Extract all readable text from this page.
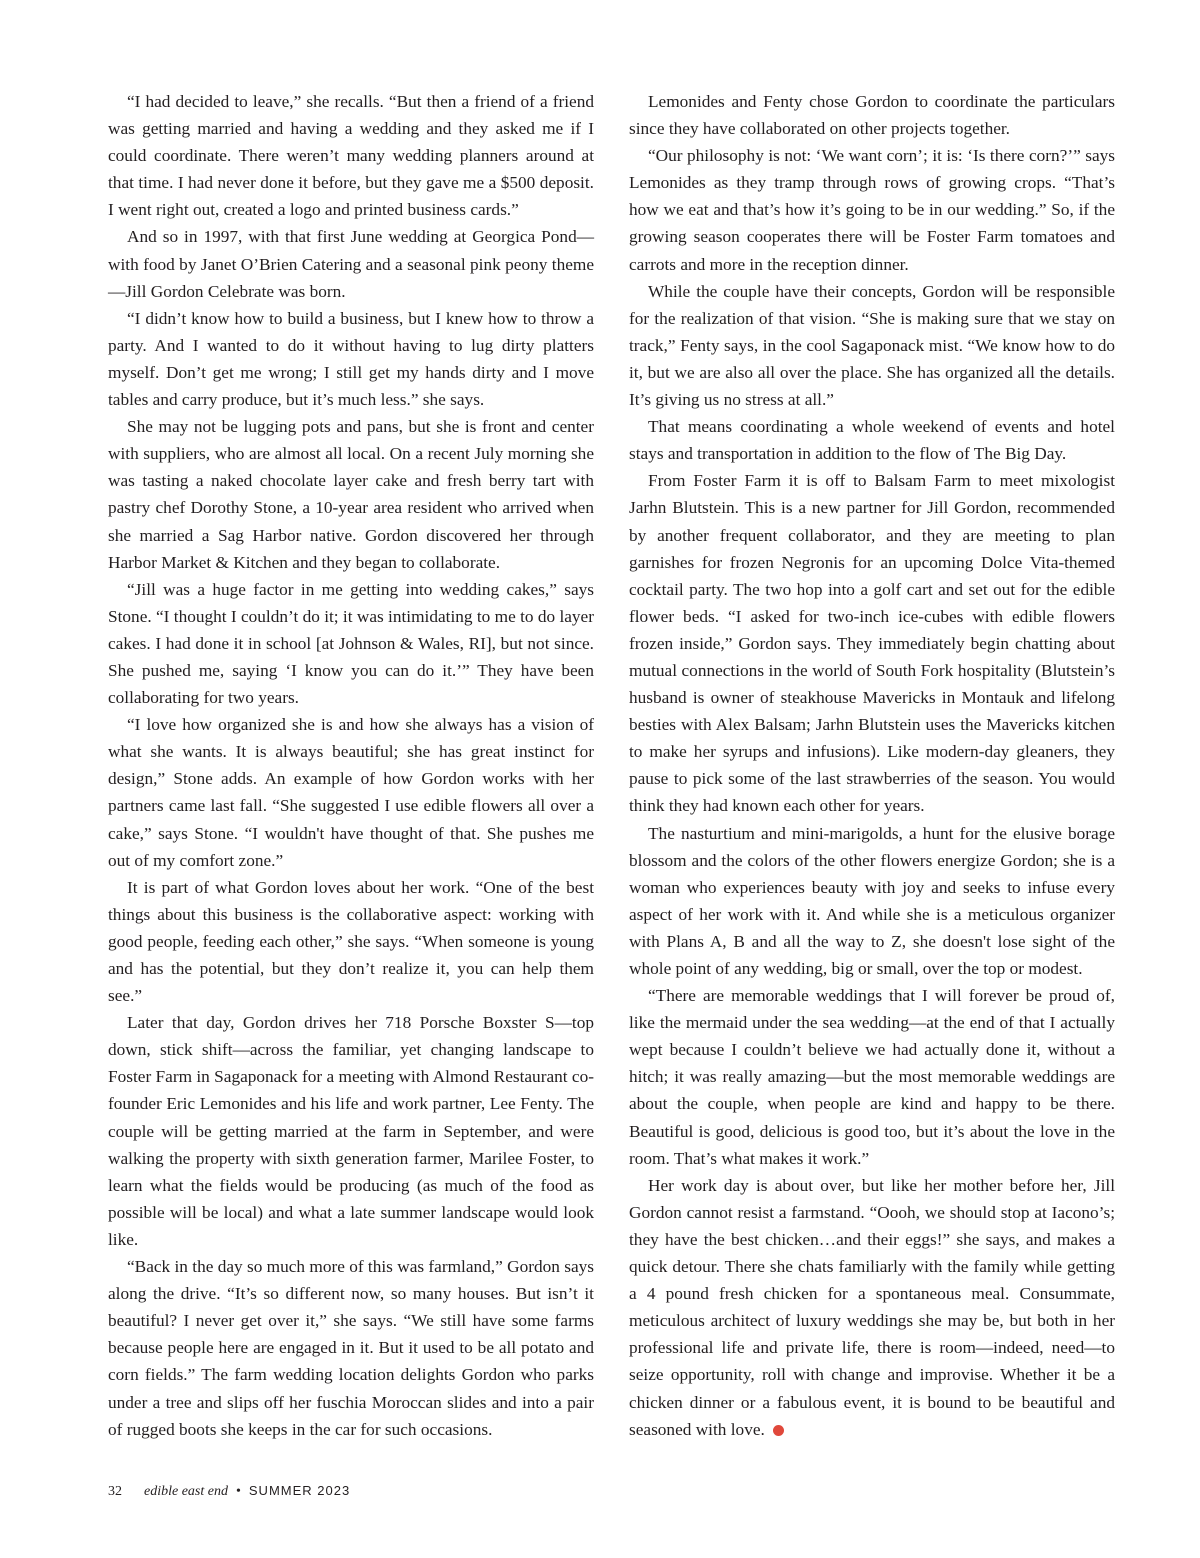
“I had decided to leave,” she recalls. “But then a friend of a friend was getting married and having a wedding and they asked me if I could coordinate. There weren’t many wedding planners around at that time. I had never done it before, but they gave me a $500 deposit. I went right out, created a logo and printed business cards.”

And so in 1997, with that first June wedding at Georgica Pond—with food by Janet O’Brien Catering and a seasonal pink peony theme—Jill Gordon Celebrate was born.

“I didn’t know how to build a business, but I knew how to throw a party. And I wanted to do it without having to lug dirty platters myself. Don’t get me wrong; I still get my hands dirty and I move tables and carry produce, but it’s much less.” she says.

She may not be lugging pots and pans, but she is front and center with suppliers, who are almost all local. On a recent July morning she was tasting a naked chocolate layer cake and fresh berry tart with pastry chef Dorothy Stone, a 10-year area resident who arrived when she married a Sag Harbor native. Gordon discovered her through Harbor Market & Kitchen and they began to collaborate.

“Jill was a huge factor in me getting into wedding cakes,” says Stone. “I thought I couldn’t do it; it was intimidating to me to do layer cakes. I had done it in school [at Johnson & Wales, RI], but not since. She pushed me, saying ‘I know you can do it.’” They have been collaborating for two years.

“I love how organized she is and how she always has a vision of what she wants. It is always beautiful; she has great instinct for design,” Stone adds. An example of how Gordon works with her partners came last fall. “She suggested I use edible flowers all over a cake,” says Stone. “I wouldn't have thought of that. She pushes me out of my comfort zone.”

It is part of what Gordon loves about her work. “One of the best things about this business is the collaborative aspect: working with good people, feeding each other,” she says. “When someone is young and has the potential, but they don’t realize it, you can help them see.”

Later that day, Gordon drives her 718 Porsche Boxster S—top down, stick shift—across the familiar, yet changing landscape to Foster Farm in Sagaponack for a meeting with Almond Restaurant co-founder Eric Lemonides and his life and work partner, Lee Fenty. The couple will be getting married at the farm in September, and were walking the property with sixth generation farmer, Marilee Foster, to learn what the fields would be producing (as much of the food as possible will be local) and what a late summer landscape would look like.

“Back in the day so much more of this was farmland,” Gordon says along the drive. “It’s so different now, so many houses. But isn’t it beautiful? I never get over it,” she says. “We still have some farms because people here are engaged in it. But it used to be all potato and corn fields.” The farm wedding location delights Gordon who parks under a tree and slips off her fuschia Moroccan slides and into a pair of rugged boots she keeps in the car for such occasions.

Lemonides and Fenty chose Gordon to coordinate the particulars since they have collaborated on other projects together.

“Our philosophy is not: ‘We want corn’; it is: ‘Is there corn?’” says Lemonides as they tramp through rows of growing crops. “That’s how we eat and that’s how it’s going to be in our wedding.” So, if the growing season cooperates there will be Foster Farm tomatoes and carrots and more in the reception dinner.

While the couple have their concepts, Gordon will be responsible for the realization of that vision. “She is making sure that we stay on track,” Fenty says, in the cool Sagaponack mist. “We know how to do it, but we are also all over the place. She has organized all the details. It’s giving us no stress at all.”

That means coordinating a whole weekend of events and hotel stays and transportation in addition to the flow of The Big Day.

From Foster Farm it is off to Balsam Farm to meet mixologist Jarhn Blutstein. This is a new partner for Jill Gordon, recommended by another frequent collaborator, and they are meeting to plan garnishes for frozen Negronis for an upcoming Dolce Vita-themed cocktail party. The two hop into a golf cart and set out for the edible flower beds. “I asked for two-inch ice-cubes with edible flowers frozen inside,” Gordon says. They immediately begin chatting about mutual connections in the world of South Fork hospitality (Blutstein’s husband is owner of steakhouse Mavericks in Montauk and lifelong besties with Alex Balsam; Jarhn Blutstein uses the Mavericks kitchen to make her syrups and infusions). Like modern-day gleaners, they pause to pick some of the last strawberries of the season. You would think they had known each other for years.

The nasturtium and mini-marigolds, a hunt for the elusive borage blossom and the colors of the other flowers energize Gordon; she is a woman who experiences beauty with joy and seeks to infuse every aspect of her work with it. And while she is a meticulous organizer with Plans A, B and all the way to Z, she doesn't lose sight of the whole point of any wedding, big or small, over the top or modest.

“There are memorable weddings that I will forever be proud of, like the mermaid under the sea wedding—at the end of that I actually wept because I couldn’t believe we had actually done it, without a hitch; it was really amazing—but the most memorable weddings are about the couple, when people are kind and happy to be there. Beautiful is good, delicious is good too, but it’s about the love in the room. That’s what makes it work.”

Her work day is about over, but like her mother before her, Jill Gordon cannot resist a farmstand. “Oooh, we should stop at Iacono’s; they have the best chicken…and their eggs!” she says, and makes a quick detour. There she chats familiarly with the family while getting a 4 pound fresh chicken for a spontaneous meal. Consummate, meticulous architect of luxury weddings she may be, but both in her professional life and private life, there is room—indeed, need—to seize opportunity, roll with change and improvise. Whether it be a chicken dinner or a fabulous event, it is bound to be beautiful and seasoned with love.

32 edible east end • SUMMER 2023
